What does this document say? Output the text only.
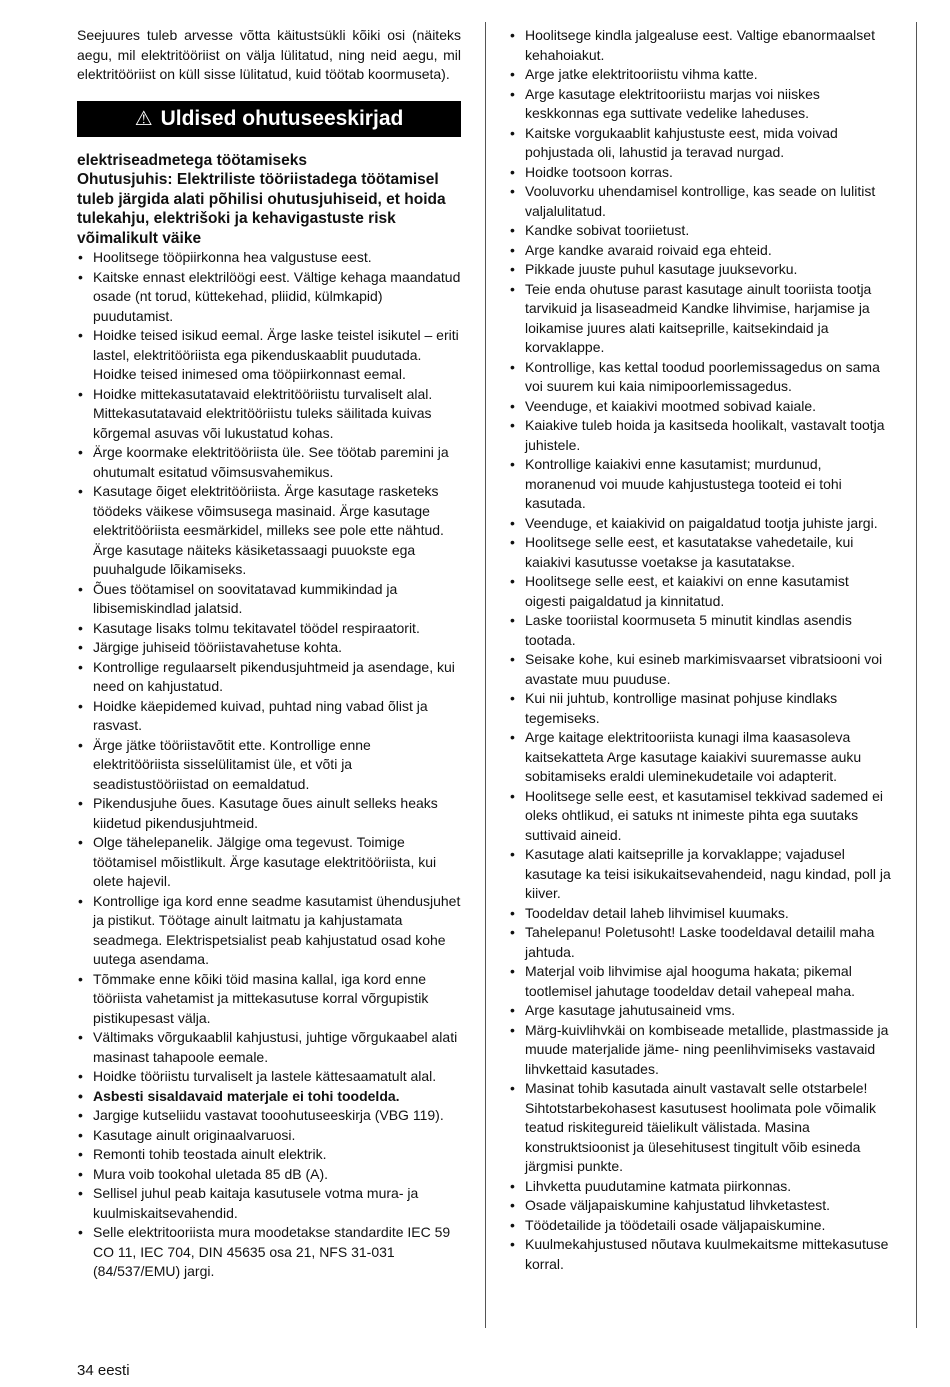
Seejuures tuleb arvesse võtta käitustsükli kõiki osi (näiteks aegu, mil elektritööriist on välja lülitatud, ning neid aegu, mil elektritööriist on küll sisse lülitatud, kuid töötab koormuseta).

⚠ Uldised ohutuseeskirjad

elektriseadmetega töötamiseks

Ohutusjuhis: Elektriliste tööriistadega töötamisel tuleb järgida alati põhilisi ohutusjuhiseid, et hoida tulekahju, elektrišoki ja kehavigastuste risk võimalikult väike

• Hoolitsege tööpiirkonna hea valgustuse eest.
• Kaitske ennast elektrilöögi eest. Vältige kehaga maandatud osade (nt torud, küttekehad, pliidid, külmkapid) puudutamist.
• Hoidke teised isikud eemal. Ärge laske teistel isikutel – eriti lastel, elektritööriista ega pikenduskaablit puudutada. Hoidke teised inimesed oma tööpiirkonnast eemal.
• Hoidke mittekasutatavaid elektritööriistu turvaliselt alal. Mittekasutatavaid elektritööriistu tuleks säilitada kuivas kõrgemal asuvas või lukustatud kohas.
• Ärge koormake elektritööriista üle. See töötab paremini ja ohutumalt esitatud võimsusvahemikus.
• Kasutage õiget elektritööriista. Ärge kasutage rasketeks töödeks väikese võimsusega masinaid. Ärge kasutage elektritööriista eesmärkidel, milleks see pole ette nähtud. Ärge kasutage näiteks käsiketassaagi puuokste ega puuhalgude lõikamiseks.
• Õues töötamisel on soovitatavad kummikindad ja libisemiskindlad jalatsid.
• Kasutage lisaks tolmu tekitavatel töödel respiraatorit.
• Järgige juhiseid tööriistavahetuse kohta.
• Kontrollige regulaarselt pikendusjuhtmeid ja asendage, kui need on kahjustatud.
• Hoidke käepidemed kuivad, puhtad ning vabad õlist ja rasvast.
• Ärge jätke tööriistavõtit ette. Kontrollige enne elektritööriista sisselülitamist üle, et võti ja seadistustööriistad on eemaldatud.
• Pikendusjuhe õues. Kasutage õues ainult selleks heaks kiidetud pikendusjuhtmeid.
• Olge tähelepanelik. Jälgige oma tegevust. Toimige töötamisel mõistlikult. Ärge kasutage elektritööriista, kui olete hajevil.
• Kontrollige iga kord enne seadme kasutamist ühendusjuhet ja pistikut. Töötage ainult laitmatu ja kahjustamata seadmega. Elektrispetsialist peab kahjustatud osad kohe uutega asendama.
• Tõmmake enne kõiki töid masina kallal, iga kord enne tööriista vahetamist ja mittekasutuse korral võrgupistik pistikupesast välja.
• Vältimaks võrgukaablil kahjustusi, juhtige võrgukaabel alati masinast tahapoole eemale.
• Hoidke tööriistu turvaliselt ja lastele kättesaamatult alal.
• Asbesti sisaldavaid materjale ei tohi toodelda.
• Jargige kutseliidu vastavat tooohutuseeskirja (VBG 119).
• Kasutage ainult originaalvaruosi.
• Remonti tohib teostada ainult elektrik.
• Mura voib tookohal uletada 85 dB (A).
• Sellisel juhul peab kaitaja kasutusele votma mura- ja kuulmiskaitsevahendid.
• Selle elektritooriista mura moodetakse standardite IEC 59 CO 11, IEC 704, DIN 45635 osa 21, NFS 31-031 (84/537/EMU) jargi.
• Hoolitsege kindla jalgealuse eest. Valtige ebanormaalset kehahoiakut.
• Arge jatke elektritooriistu vihma katte.
• Arge kasutage elektritooriistu marjas voi niiskes keskkonnas ega suttivate vedelike laheduses.
• Kaitske vorgukaablit kahjustuste eest, mida voivad pohjustada oli, lahustid ja teravad nurgad.
• Hoidke tootsoon korras.
• Vooluvorku uhendamisel kontrollige, kas seade on lulitist valjalulitatud.
• Kandke sobivat tooriietust.
• Arge kandke avaraid roivaid ega ehteid.
• Pikkade juuste puhul kasutage juuksevorku.
• Teie enda ohutuse parast kasutage ainult tooriista tootja tarvikuid ja lisaseadmeid Kandke lihvimise, harjamise ja loikamise juures alati kaitseprille, kaitsekindaid ja korvaklappe.
• Kontrollige, kas kettal toodud poorlemissagedus on sama voi suurem kui kaia nimipoorlemissagedus.
• Veenduge, et kaiakivi mootmed sobivad kaiale.
• Kaiakive tuleb hoida ja kasitseda hoolikalt, vastavalt tootja juhistele.
• Kontrollige kaiakivi enne kasutamist; murdunud, moranenud voi muude kahjustustega tooteid ei tohi kasutada.
• Veenduge, et kaiakivid on paigaldatud tootja juhiste jargi.
• Hoolitsege selle eest, et kasutatakse vahedetaile, kui kaiakivi kasutusse voetakse ja kasutatakse.
• Hoolitsege selle eest, et kaiakivi on enne kasutamist oigesti paigaldatud ja kinnitatud.
• Laske tooriistal koormuseta 5 minutit kindlas asendis tootada.
• Seisake kohe, kui esineb markimisvaarset vibratsiooni voi avastate muu puuduse.
• Kui nii juhtub, kontrollige masinat pohjuse kindlaks tegemiseks.
• Arge kaitage elektritooriista kunagi ilma kaasasoleva kaitsekatteta Arge kasutage kaiakivi suuremasse auku sobitamiseks eraldi uleminekudetaile voi adapterit.
• Hoolitsege selle eest, et kasutamisel tekkivad sademed ei oleks ohtlikud, ei satuks nt inimeste pihta ega suutaks suttivaid aineid.
• Kasutage alati kaitseprille ja korvaklappe; vajadusel kasutage ka teisi isikukaitsevahendeid, nagu kindad, poll ja kiiver.
• Toodeldav detail laheb lihvimisel kuumaks.
• Tahelepanu! Poletusoht! Laske toodeldaval detailil maha jahtuda.
• Materjal voib lihvimise ajal hooguma hakata; pikemal tootlemisel jahutage toodeldav detail vahepeal maha.
• Arge kasutage jahutusaineid vms.
• Märg-kuivlihvkäi on kombiseade metallide, plastmasside ja muude materjalide jäme- ning peenlihvimiseks vastavaid lihvkettaid kasutades.
• Masinat tohib kasutada ainult vastavalt selle otstarbele! Sihtotstarbekohasest kasutusest hoolimata pole võimalik teatud riskitegureid täielikult välistada. Masina konstruktsioonist ja ülesehitusest tingitult võib esineda järgmisi punkte.
• Lihvketta puudutamine katmata piirkonnas.
• Osade väljapaiskumine kahjustatud lihvketastest.
• Töödetailide ja töödetaili osade väljapaiskumine.
• Kuulmekahjustused nõutava kuulmekaitsme mittekasutuse korral.
34 eesti
